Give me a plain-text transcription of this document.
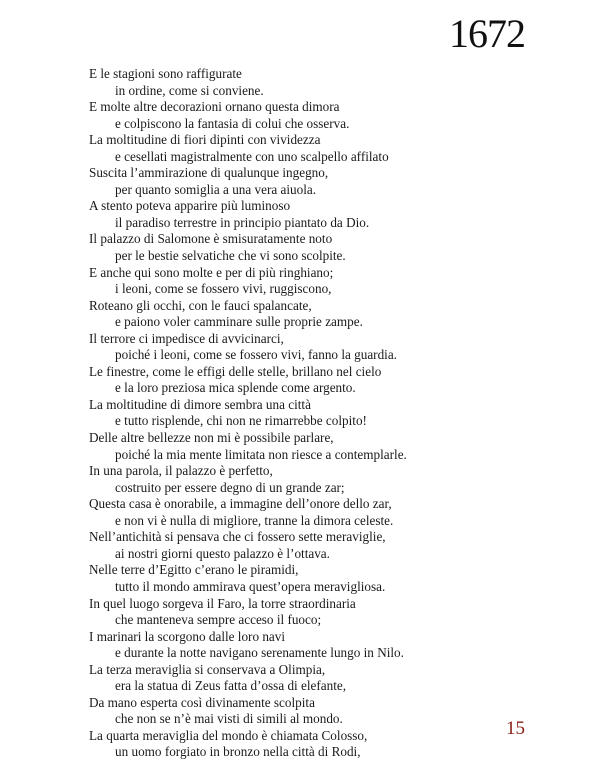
1672
E le stagioni sono raffigurate
in ordine, come si conviene.
E molte altre decorazioni ornano questa dimora
e colpiscono la fantasia di colui che osserva.
La moltitudine di fiori dipinti con vividezza
e cesellati magistralmente con uno scalpello affilato
Suscita l’ammirazione di qualunque ingegno,
per quanto somiglia a una vera aiuola.
A stento poteva apparire più luminoso
il paradiso terrestre in principio piantato da Dio.
Il palazzo di Salomone è smisuratamente noto
per le bestie selvatiche che vi sono scolpite.
E anche qui sono molte e per di più ringhiano;
i leoni, come se fossero vivi, ruggiscono,
Roteano gli occhi, con le fauci spalancate,
e paiono voler camminare sulle proprie zampe.
Il terrore ci impedisce di avvicinarci,
poiché i leoni, come se fossero vivi, fanno la guardia.
Le finestre, come le effigi delle stelle, brillano nel cielo
e la loro preziosa mica splende come argento.
La moltitudine di dimore sembra una città
e tutto risplende, chi non ne rimarrebbe colpito!
Delle altre bellezze non mi è possibile parlare,
poiché la mia mente limitata non riesce a contemplarle.
In una parola, il palazzo è perfetto,
costruito per essere degno di un grande zar;
Questa casa è onorabile, a immagine dell’onore dello zar,
e non vi è nulla di migliore, tranne la dimora celeste.
Nell’antichità si pensava che ci fossero sette meraviglie,
ai nostri giorni questo palazzo è l’ottava.
Nelle terre d’Egitto c’erano le piramidi,
tutto il mondo ammirava quest’opera meravigliosa.
In quel luogo sorgeva il Faro, la torre straordinaria
che manteneva sempre acceso il fuoco;
I marinari la scorgono dalle loro navi
e durante la notte navigano serenamente lungo in Nilo.
La terza meraviglia si conservava a Olimpia,
era la statua di Zeus fatta d’ossa di elefante,
Da mano esperta così divinamente scolpita
che non se n’è mai visti di simili al mondo.
La quarta meraviglia del mondo è chiamata Colosso,
un uomo forgiato in bronzo nella città di Rodi,
15
